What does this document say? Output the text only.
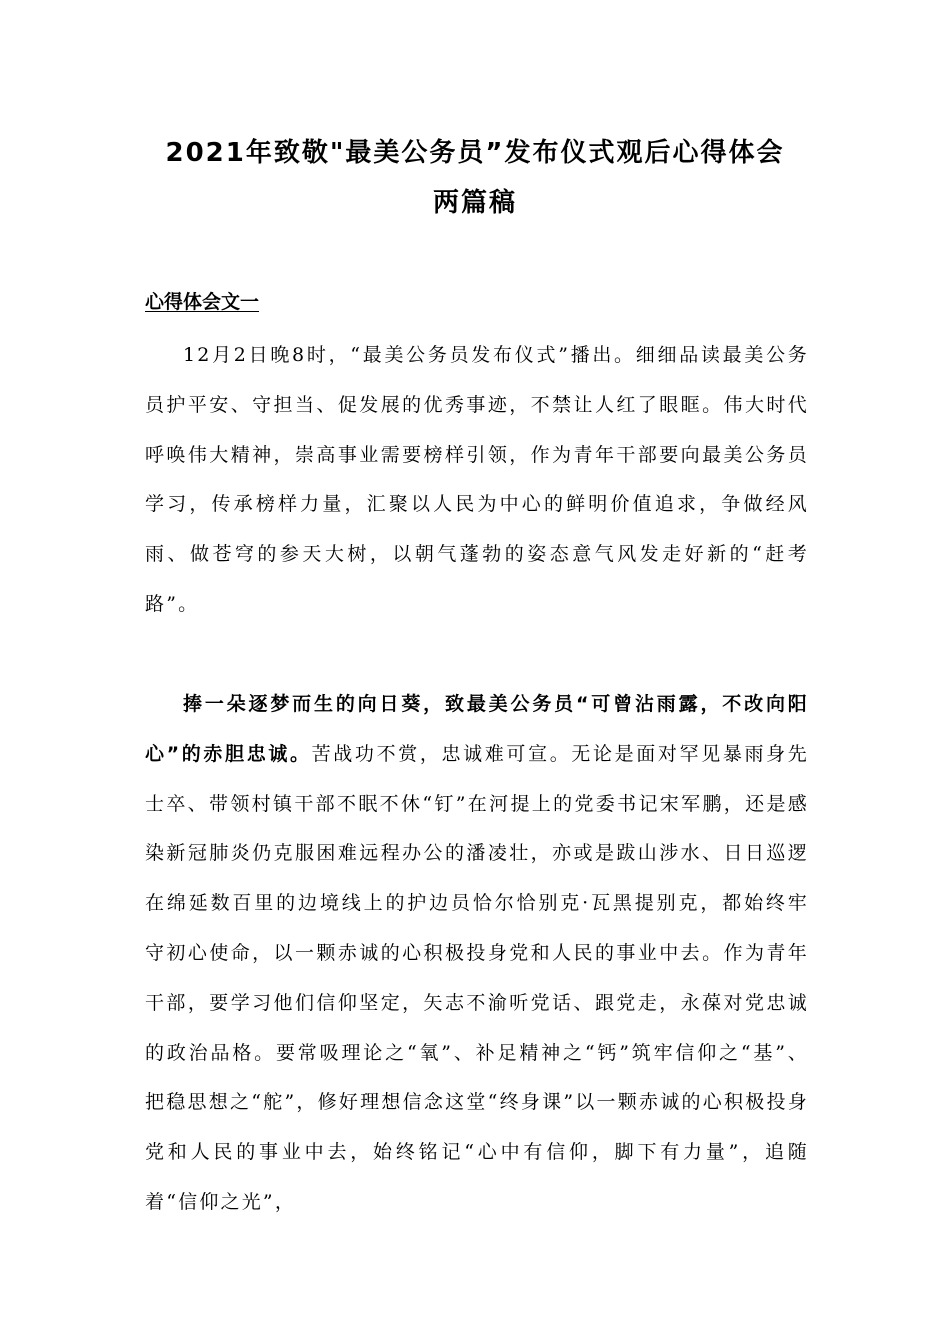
2021年致敬"最美公务员”发布仪式观后心得体会
两篇稿
心得体会文一

12月2日晚8时，“最美公务员发布仪式”播出。细细品读最美公务员护平安、守担当、促发展的优秀事迹，不禁让人红了眼眶。伟大时代呼唤伟大精神，崇高事业需要榜样引领，作为青年干部要向最美公务员学习，传承榜样力量，汇聚以人民为中心的鲜明价值追求，争做经风雨、做苍穹的参天大树，以朝气蓬勃的姿态意气风发走好新的“赶考路”。

捧一朵逐梦而生的向日葵，致最美公务员“可曾沾雨露，不改向阳心”的赤胆忠诚。苦战功不赏，忠诚难可宣。无论是面对罕见暴雨身先士卒、带领村镇干部不眠不休“钉”在河提上的党委书记宋军鹏，还是感染新冠肺炎仍克服困难远程办公的潘凌壮，亦或是跋山涉水、日日巡逻在绵延数百里的边境线上的护边员恰尔恰别克·瓦黑提别克，都始终牢守初心使命，以一颗赤诚的心积极投身党和人民的事业中去。作为青年干部，要学习他们信仰坚定，矢志不渝听党话、跟党走，永葆对党忠诚的政治品格。要常吸理论之“氧”、补足精神之“钙”筑牢信仰之“基”、把稳思想之“舵”，修好理想信念这堂“终身课”以一颗赤诚的心积极投身党和人民的事业中去，始终铭记“心中有信仰，脚下有力量”，追随着“信仰之光”，
